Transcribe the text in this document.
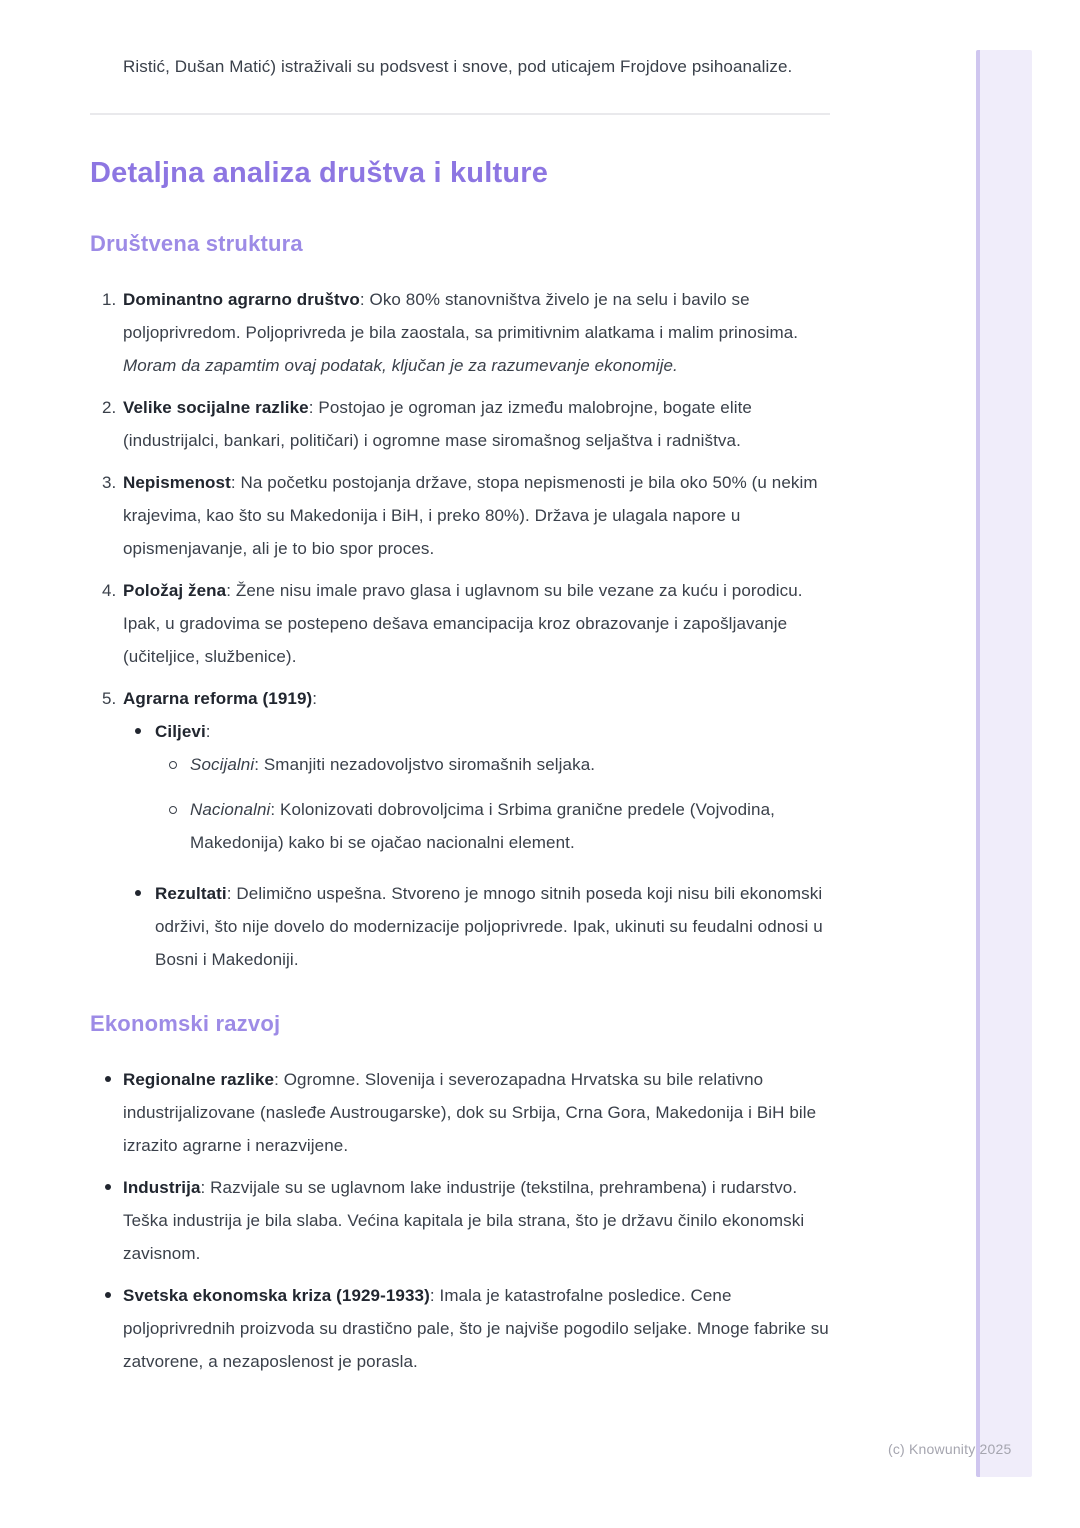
Ristić, Dušan Matić) istraživali su podsvest i snove, pod uticajem Frojdove psihoanalize.

Detaljna analiza društva i kulture
Društvena struktura
1. Dominantno agrarno društvo: Oko 80% stanovništva živelo je na selu i bavilo se poljoprivredom. Poljoprivreda je bila zaostala, sa primitivnim alatkama i malim prinosima. Moram da zapamtim ovaj podatak, ključan je za razumevanje ekonomije.
2. Velike socijalne razlike: Postojao je ogroman jaz između malobrojne, bogate elite (industrijalci, bankari, političari) i ogromne mase siromašnog seljaštva i radništva.
3. Nepismenost: Na početku postojanja države, stopa nepismenosti je bila oko 50% (u nekim krajevima, kao što su Makedonija i BiH, i preko 80%). Država je ulagala napore u opismenjavanje, ali je to bio spor proces.
4. Položaj žena: Žene nisu imale pravo glasa i uglavnom su bile vezane za kuću i porodicu. Ipak, u gradovima se postepeno dešava emancipacija kroz obrazovanje i zapošljavanje (učiteljice, službenice).
5. Agrarna reforma (1919):
Ciljevi:
Socijalni: Smanjiti nezadovoljstvo siromašnih seljaka.
Nacionalni: Kolonizovati dobrovoljcima i Srbima granične predele (Vojvodina, Makedonija) kako bi se ojačao nacionalni element.
Rezultati: Delimično uspešna. Stvoreno je mnogo sitnih poseda koji nisu bili ekonomski održivi, što nije dovelo do modernizacije poljoprivrede. Ipak, ukinuti su feudalni odnosi u Bosni i Makedoniji.
Ekonomski razvoj
Regionalne razlike: Ogromne. Slovenija i severozapadna Hrvatska su bile relativno industrijalizovane (nasleđe Austrougarske), dok su Srbija, Crna Gora, Makedonija i BiH bile izrazito agrarne i nerazvijene.
Industrija: Razvijale su se uglavnom lake industrije (tekstilna, prehrambena) i rudarstvo. Teška industrija je bila slaba. Većina kapitala je bila strana, što je državu činilo ekonomski zavisnom.
Svetska ekonomska kriza (1929-1933): Imala je katastrofalne posledice. Cene poljoprivrednih proizvoda su drastično pale, što je najviše pogodilo seljake. Mnoge fabrike su zatvorene, a nezaposlenost je porasla.
(c) Knowunity 2025
